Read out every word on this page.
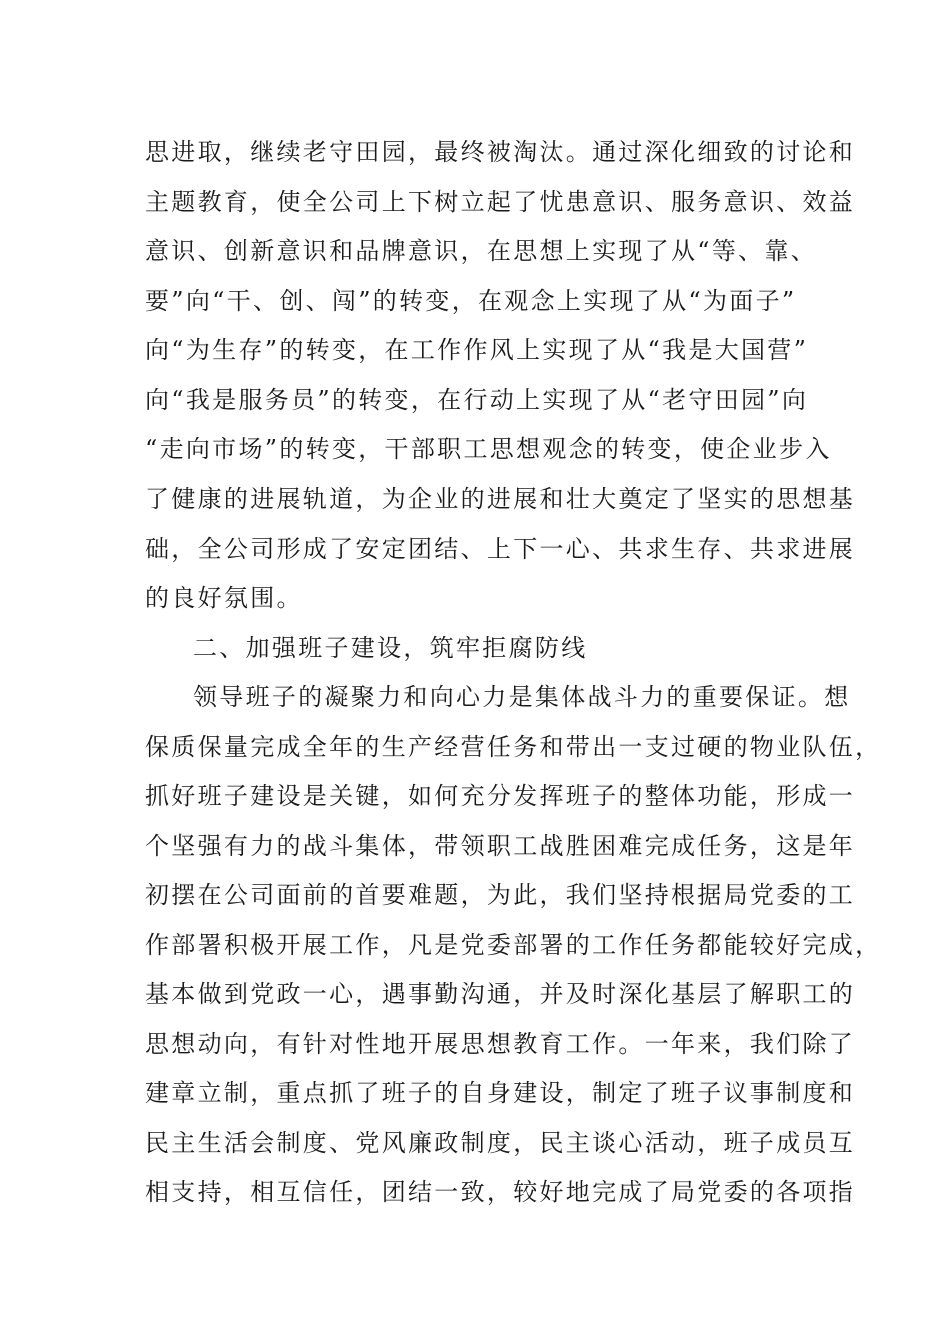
思进取，继续老守田园，最终被淘汰。通过深化细致的讨论和
主题教育，使全公司上下树立起了忧患意识、服务意识、效益
意识、创新意识和品牌意识，在思想上实现了从“等、靠、
要”向“干、创、闯”的转变，在观念上实现了从“为面子”
向“为生存”的转变，在工作作风上实现了从“我是大国营”
向“我是服务员”的转变，在行动上实现了从“老守田园”向
“走向市场”的转变，干部职工思想观念的转变，使企业步入
了健康的进展轨道，为企业的进展和壮大奠定了坚实的思想基
础，全公司形成了安定团结、上下一心、共求生存、共求进展
的良好氛围。
二、加强班子建设，筑牢拒腐防线
领导班子的凝聚力和向心力是集体战斗力的重要保证。想
保质保量完成全年的生产经营任务和带出一支过硬的物业队伍，
抓好班子建设是关键，如何充分发挥班子的整体功能，形成一
个坚强有力的战斗集体，带领职工战胜困难完成任务，这是年
初摆在公司面前的首要难题，为此，我们坚持根据局党委的工
作部署积极开展工作，凡是党委部署的工作任务都能较好完成，
基本做到党政一心，遇事勤沟通，并及时深化基层了解职工的
思想动向，有针对性地开展思想教育工作。一年来，我们除了
建章立制，重点抓了班子的自身建设，制定了班子议事制度和
民主生活会制度、党风廉政制度，民主谈心活动，班子成员互
相支持，相互信任，团结一致，较好地完成了局党委的各项指
